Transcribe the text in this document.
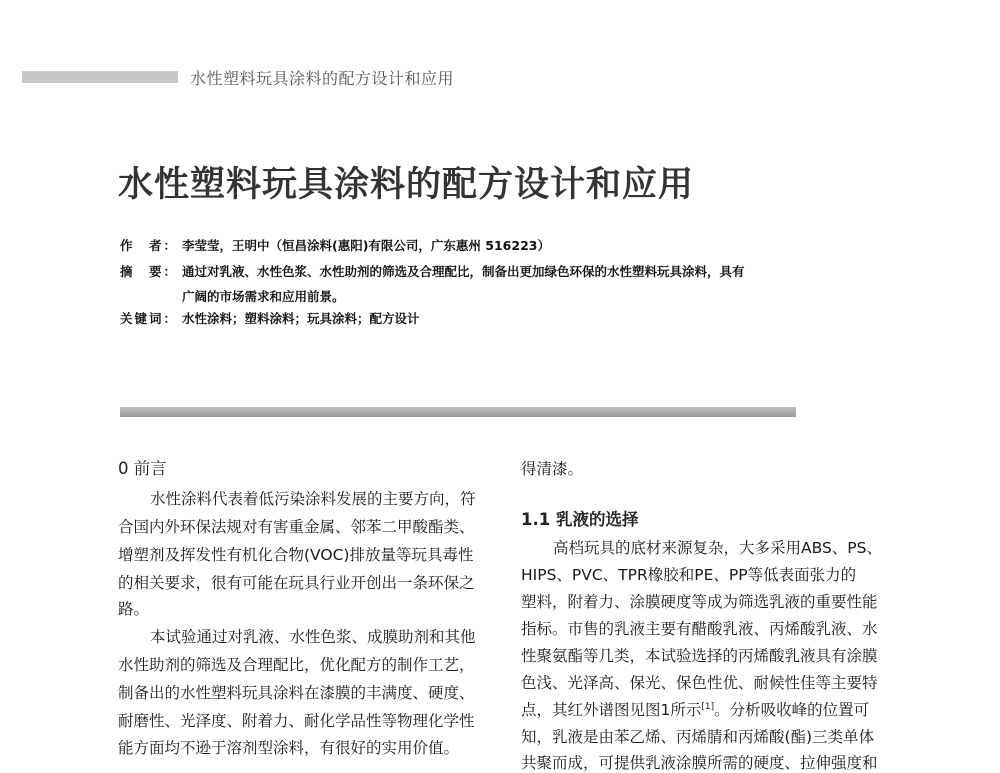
水性塑料玩具涂料的配方设计和应用
水性塑料玩具涂料的配方设计和应用
作　者： 李莹莹，王明中（恒昌涂料(惠阳)有限公司，广东惠州 516223）
摘　要： 通过对乳液、水性色浆、水性助剂的筛选及合理配比，制备出更加绿色环保的水性塑料玩具涂料，具有
广阔的市场需求和应用前景。
关键词： 水性涂料；塑料涂料；玩具涂料；配方设计
0 前言

水性涂料代表着低污染涂料发展的主要方向，符

合国内外环保法规对有害重金属、邻苯二甲酸酯类、

增塑剂及挥发性有机化合物(VOC)排放量等玩具毒性

的相关要求，很有可能在玩具行业开创出一条环保之

路。

本试验通过对乳液、水性色浆、成膜助剂和其他

水性助剂的筛选及合理配比，优化配方的制作工艺，

制备出的水性塑料玩具涂料在漆膜的丰满度、硬度、

耐磨性、光泽度、附着力、耐化学品性等物理化学性

能方面均不逊于溶剂型涂料，有很好的实用价值。

得清漆。

1.1 乳液的选择

高档玩具的底材来源复杂，大多采用ABS、PS、

HIPS、PVC、TPR橡胶和PE、PP等低表面张力的

塑料，附着力、涂膜硬度等成为筛选乳液的重要性能

指标。市售的乳液主要有醋酸乳液、丙烯酸乳液、水

性聚氨酯等几类，本试验选择的丙烯酸乳液具有涂膜

色浅、光泽高、保光、保色性优、耐候性佳等主要特

点，其红外谱图见图1所示[1]。分析吸收峰的位置可

知，乳液是由苯乙烯、丙烯腈和丙烯酸(酯)三类单体

共聚而成，可提供乳液涂膜所需的硬度、拉伸强度和
